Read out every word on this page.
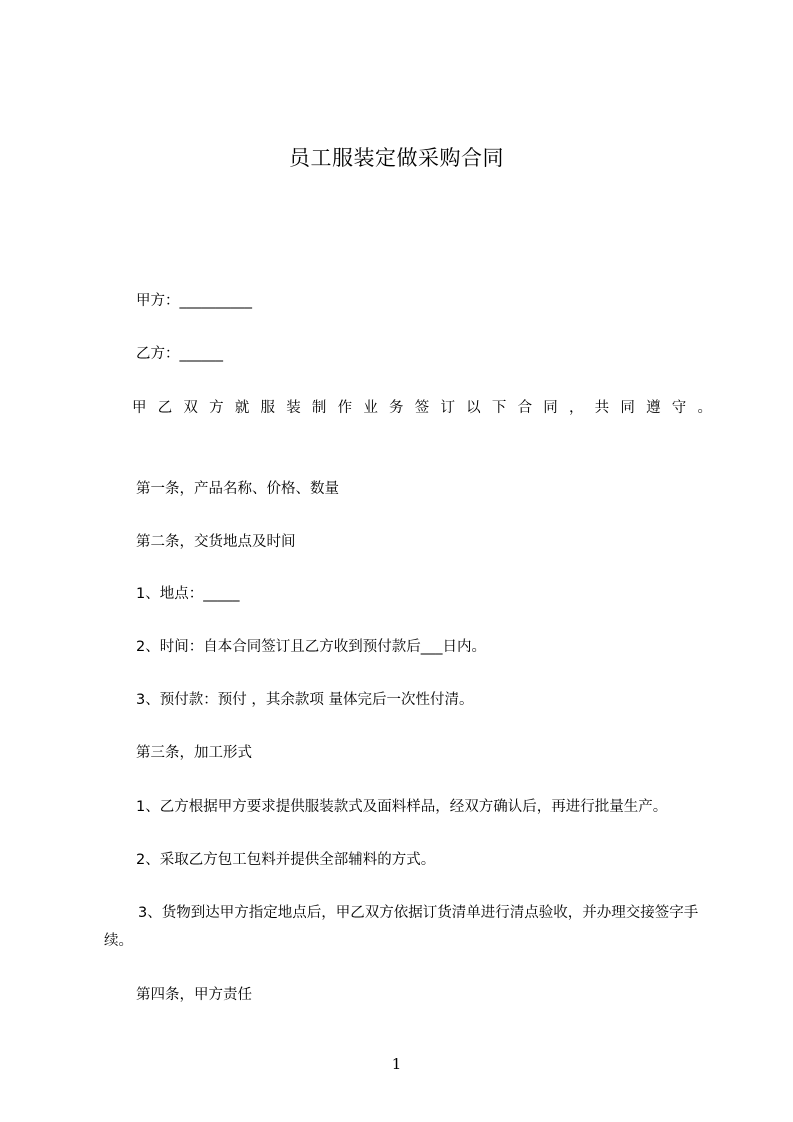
员工服装定做采购合同
甲方：__________
乙方：______
甲 乙 双 方 就 服 装 制 作 业 务 签 订 以 下 合 同 ， 共 同 遵 守 。
第一条，产品名称、价格、数量
第二条，交货地点及时间
1、地点：_____
2、时间：自本合同签订且乙方收到预付款后___日内。
3、预付款：预付 ，其余款项 量体完后一次性付清。
第三条，加工形式
1、乙方根据甲方要求提供服装款式及面料样品，经双方确认后，再进行批量生产。
2、采取乙方包工包料并提供全部辅料的方式。
3、货物到达甲方指定地点后，甲乙双方依据订货清单进行清点验收，并办理交接签字手续。
第四条，甲方责任
1
